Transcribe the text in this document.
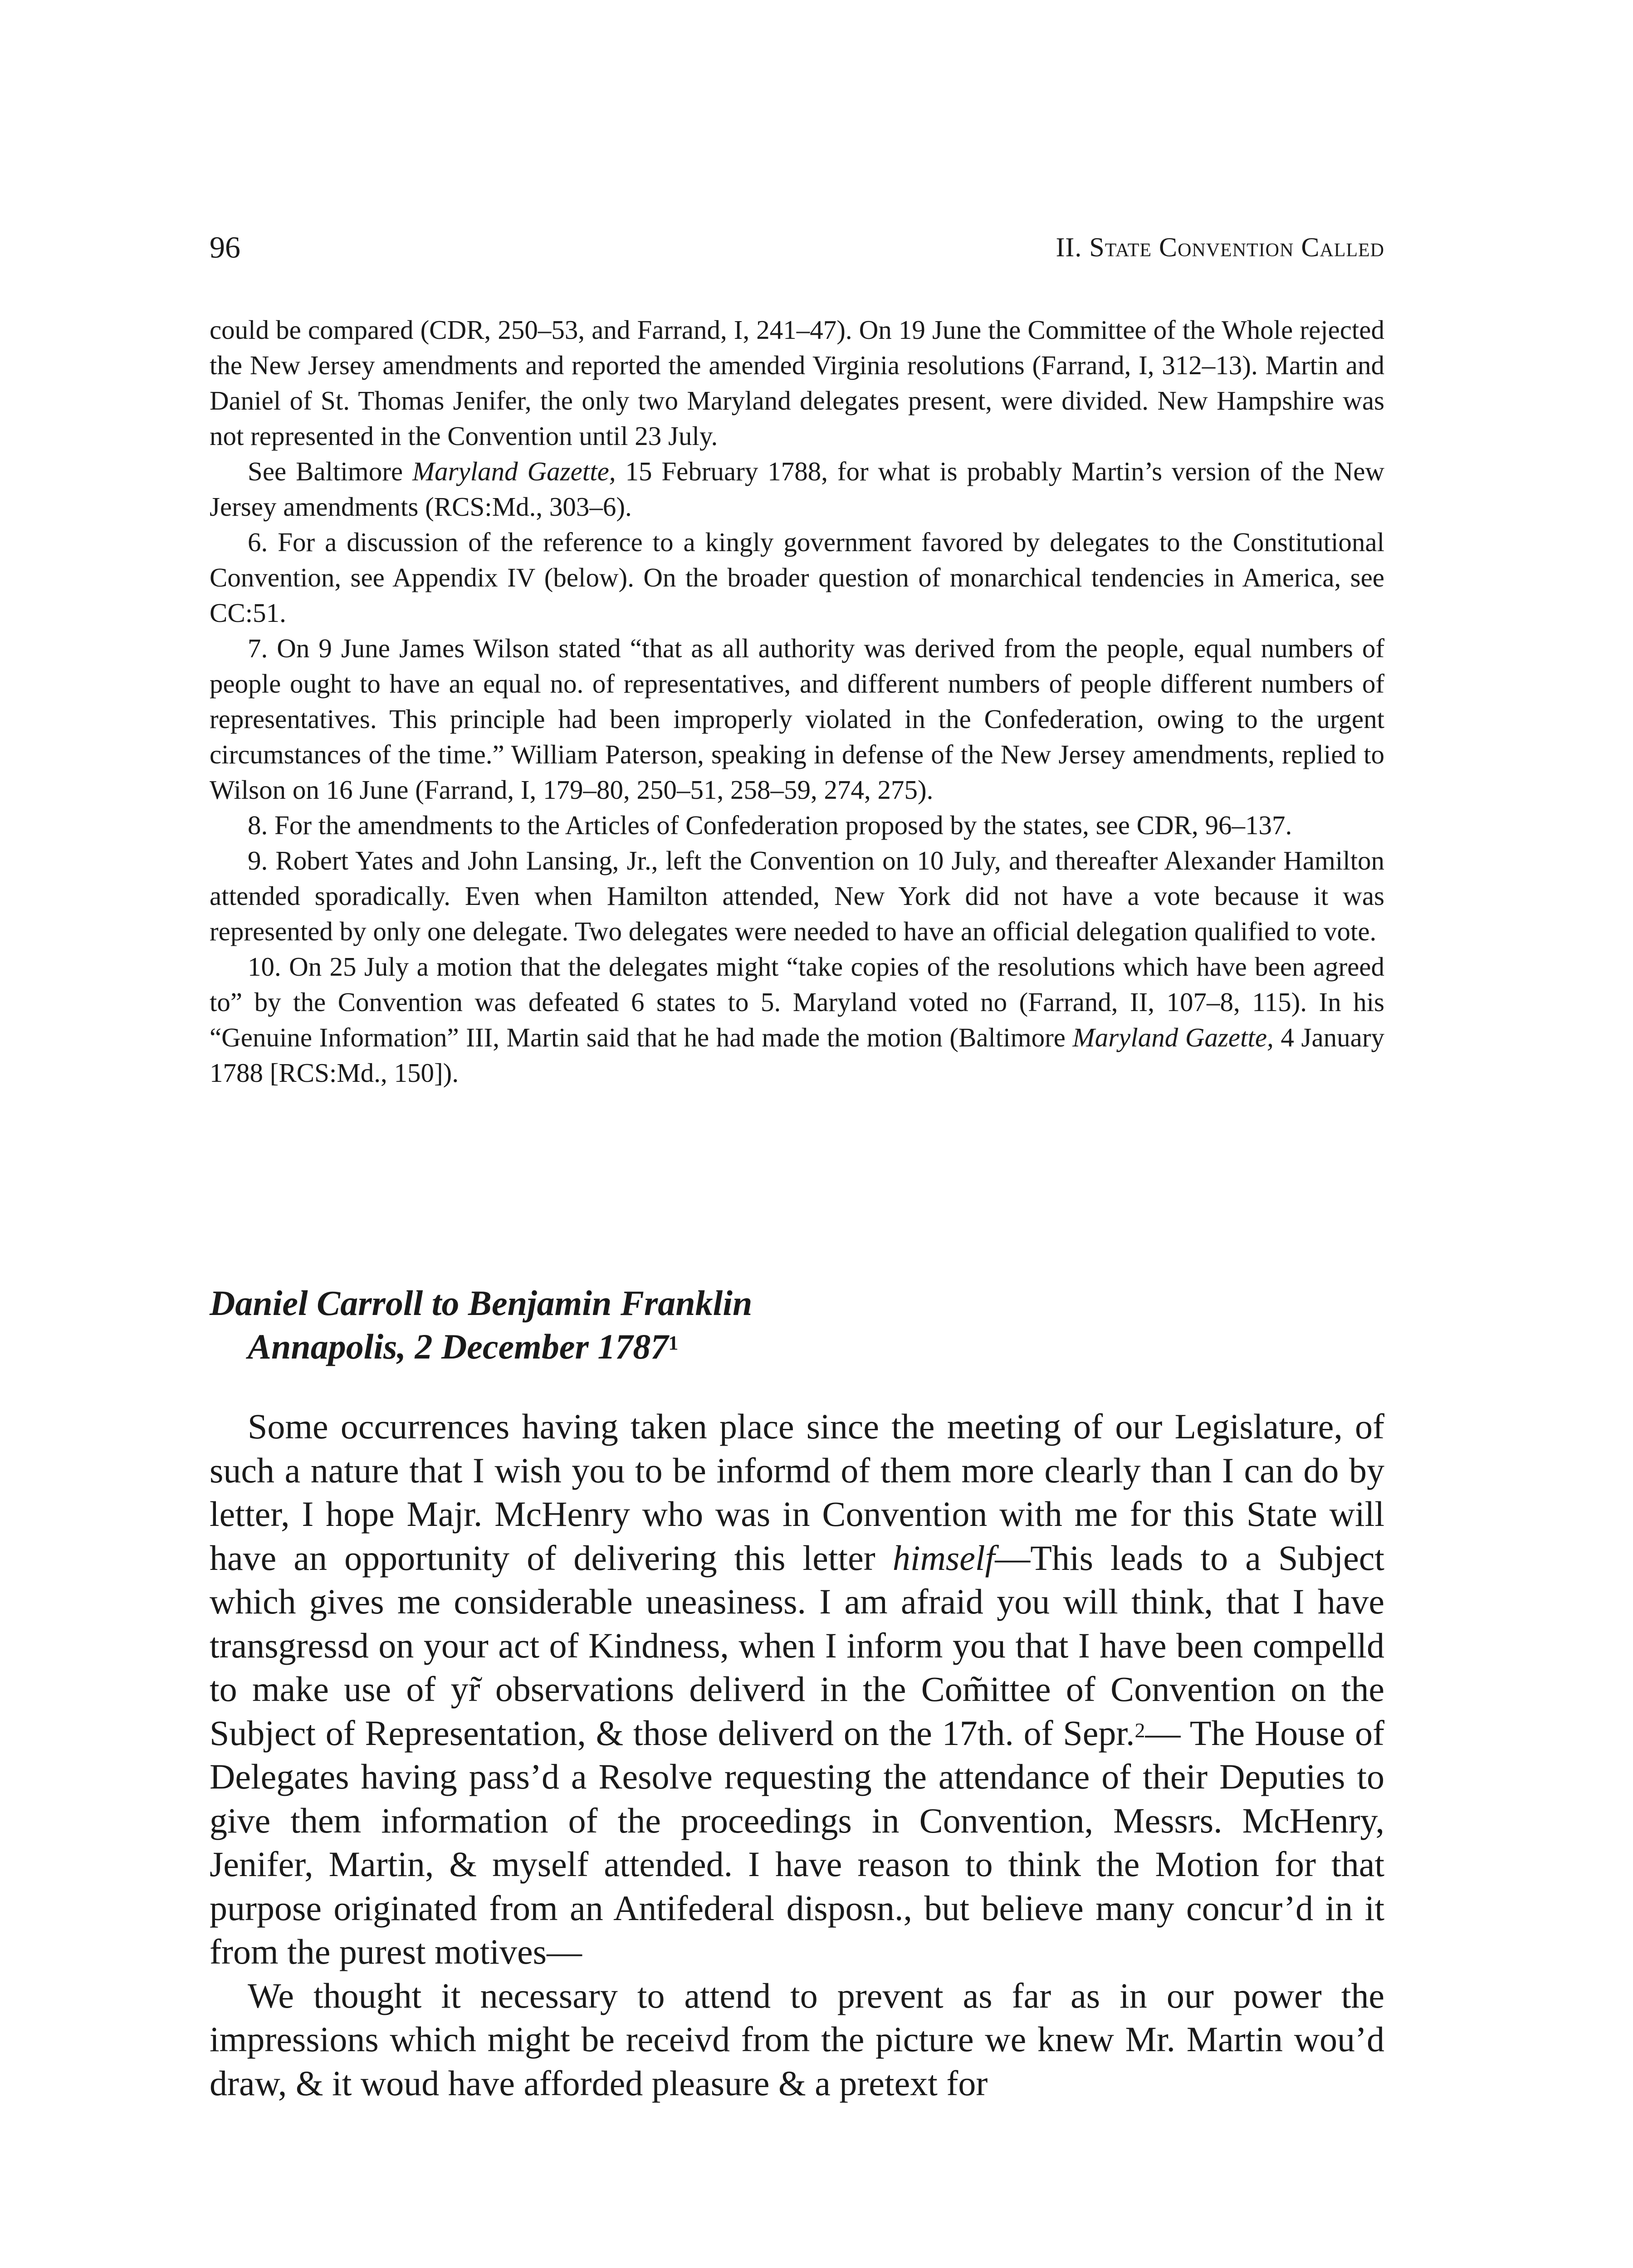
96	II. State Convention Called

could be compared (CDR, 250–53, and Farrand, I, 241–47). On 19 June the Committee of the Whole rejected the New Jersey amendments and reported the amended Virginia resolutions (Farrand, I, 312–13). Martin and Daniel of St. Thomas Jenifer, the only two Maryland delegates present, were divided. New Hampshire was not represented in the Convention until 23 July.

See Baltimore Maryland Gazette, 15 February 1788, for what is probably Martin’s version of the New Jersey amendments (RCS:Md., 303–6).

6. For a discussion of the reference to a kingly government favored by delegates to the Constitutional Convention, see Appendix IV (below). On the broader question of monarchical tendencies in America, see CC:51.

7. On 9 June James Wilson stated “that as all authority was derived from the people, equal numbers of people ought to have an equal no. of representatives, and different numbers of people different numbers of representatives. This principle had been improperly violated in the Confederation, owing to the urgent circumstances of the time.” William Paterson, speaking in defense of the New Jersey amendments, replied to Wilson on 16 June (Farrand, I, 179–80, 250–51, 258–59, 274, 275).

8. For the amendments to the Articles of Confederation proposed by the states, see CDR, 96–137.

9. Robert Yates and John Lansing, Jr., left the Convention on 10 July, and thereafter Alexander Hamilton attended sporadically. Even when Hamilton attended, New York did not have a vote because it was represented by only one delegate. Two delegates were needed to have an official delegation qualified to vote.

10. On 25 July a motion that the delegates might “take copies of the resolutions which have been agreed to” by the Convention was defeated 6 states to 5. Maryland voted no (Farrand, II, 107–8, 115). In his “Genuine Information” III, Martin said that he had made the motion (Baltimore Maryland Gazette, 4 January 1788 [RCS:Md., 150]).

Daniel Carroll to Benjamin Franklin
Annapolis, 2 December 1787$^1$

Some occurrences having taken place since the meeting of our Legislature, of such a nature that I wish you to be informd of them more clearly than I can do by letter, I hope Majr. McHenry who was in Convention with me for this State will have an opportunity of delivering this letter himself—This leads to a Subject which gives me considerable uneasiness. I am afraid you will think, that I have transgressd on your act of Kindness, when I inform you that I have been compelld to make use of yr̃ observations deliverd in the Com̃ittee of Convention on the Subject of Representation, & those deliverd on the 17th. of Sepr.$^2$— The House of Delegates having pass’d a Resolve requesting the attendance of their Deputies to give them information of the proceedings in Convention, Messrs. McHenry, Jenifer, Martin, & myself attended. I have reason to think the Motion for that purpose originated from an Antifederal disposn., but believe many concur’d in it from the purest motives—

We thought it necessary to attend to prevent as far as in our power the impressions which might be receivd from the picture we knew Mr. Martin wou’d draw, & it woud have afforded pleasure & a pretext for
